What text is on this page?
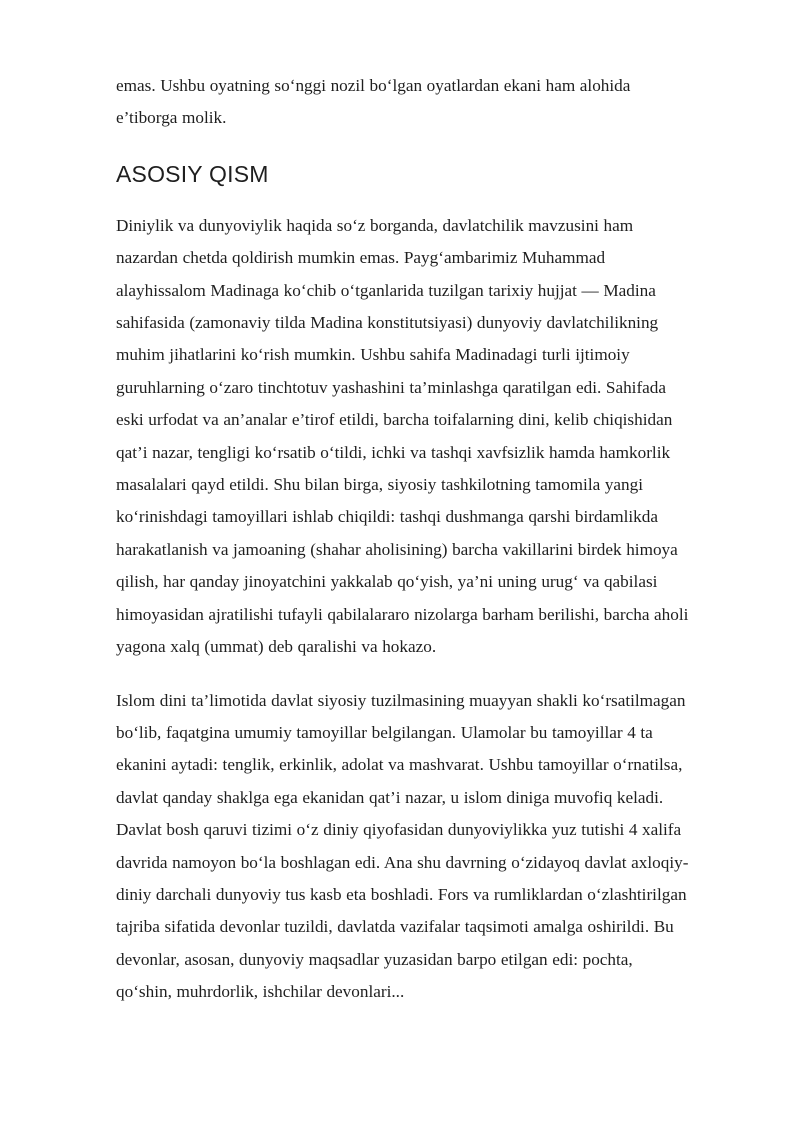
emas. Ushbu oyatning so‘nggi nozil bo‘lgan oyatlardan ekani ham alohida
e’tiborga molik.

ASOSIY QISM

Diniylik va dunyoviylik haqida so‘z borganda, davlatchilik mavzusini ham
nazardan chetda qoldirish mumkin emas. Payg‘ambarimiz Muhammad
alayhissalom Madinaga ko‘chib o‘tganlarida tuzilgan tarixiy hujjat — Madina
sahifasida (zamonaviy tilda Madina konstitutsiyasi) dunyoviy davlatchilikning
muhim jihatlarini ko‘rish mumkin. Ushbu sahifa Madinadagi turli ijtimoiy
guruhlarning o‘zaro tinchtotuv yashashini ta’minlashga qaratilgan edi. Sahifada
eski urfodat va an’analar e’tirof etildi, barcha toifalarning dini, kelib chiqishidan
qat’i nazar, tengligi ko‘rsatib o‘tildi, ichki va tashqi xavfsizlik hamda hamkorlik
masalalari qayd etildi. Shu bilan birga, siyosiy tashkilotning tamomila yangi
ko‘rinishdagi tamoyillari ishlab chiqildi: tashqi dushmanga qarshi birdamlikda
harakatlanish va jamoaning (shahar aholisining) barcha vakillarini birdek himoya
qilish, har qanday jinoyatchini yakkalab qo‘yish, ya’ni uning urug‘ va qabilasi
himoyasidan ajratilishi tufayli qabilalararo nizolarga barham berilishi, barcha aholi
yagona xalq (ummat) deb qaralishi va hokazo.

Islom dini ta’limotida davlat siyosiy tuzilmasining muayyan shakli ko‘rsatilmagan
bo‘lib, faqatgina umumiy tamoyillar belgilangan. Ulamolar bu tamoyillar 4 ta
ekanini aytadi: tenglik, erkinlik, adolat va mashvarat. Ushbu tamoyillar o‘rnatilsa,
davlat qanday shaklga ega ekanidan qat’i nazar, u islom diniga muvofiq keladi.
Davlat bosh qaruvi tizimi o‘z diniy qiyofasidan dunyoviylikka yuz tutishi 4 xalifa
davrida namoyon bo‘la boshlagan edi. Ana shu davrning o‘zidayoq davlat axloqiy-
diniy darchali dunyoviy tus kasb eta boshladi. Fors va rumliklardan o‘zlashtirilgan
tajriba sifatida devonlar tuzildi, davlatda vazifalar taqsimoti amalga oshirildi. Bu
devonlar, asosan, dunyoviy maqsadlar yuzasidan barpo etilgan edi: pochta,
qo‘shin, muhrdorlik, ishchilar devonlari...
